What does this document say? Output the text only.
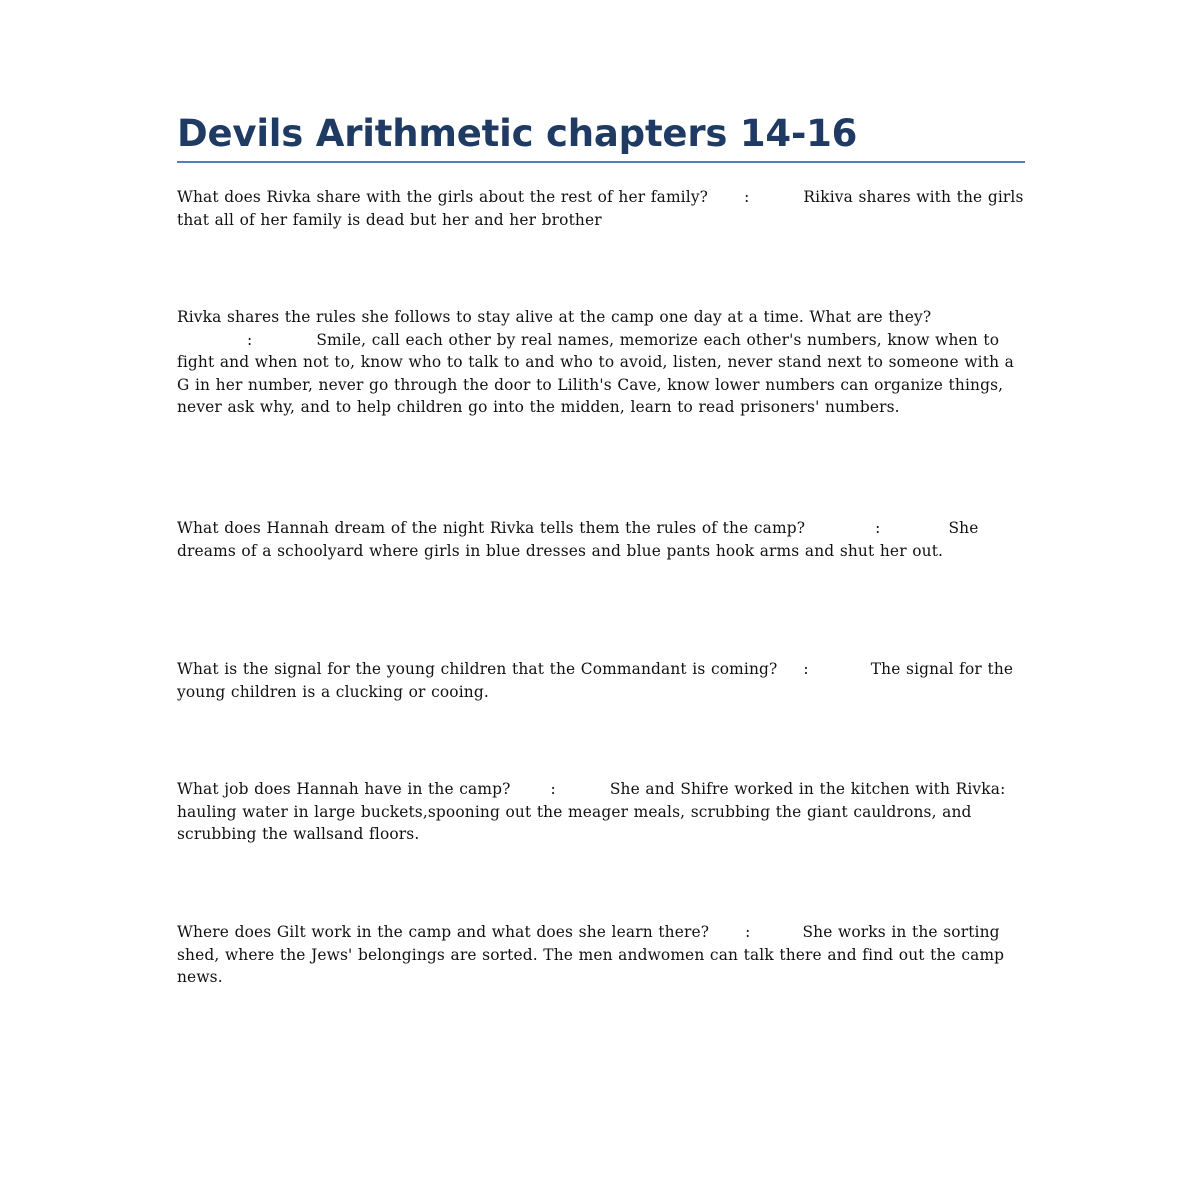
Devils Arithmetic chapters 14-16
What does Rivka share with the girls about the rest of her family? :	Rikiva shares with the girls that all of her family is dead but her and her brother
Rivka shares the rules she follows to stay alive at the camp one day at a time. What are they?:	Smile, call each other by real names, memorize each other's numbers, know when to fight and when not to, know who to talk to and who to avoid, listen, never stand next to someone with a G in her number, never go through the door to Lilith's Cave, know lower numbers can organize things, never ask why, and to help children go into the midden, learn to read prisoners' numbers.
What does Hannah dream of the night Rivka tells them the rules of the camp?	:	She dreams of a schoolyard where girls in blue dresses and blue pants hook arms and shut her out.
What is the signal for the young children that the Commandant is coming? :	The signal for the young children is a clucking or cooing.
What job does Hannah have in the camp?	:	She and Shifre worked in the kitchen with Rivka: hauling water in large buckets,spooning out the meager meals, scrubbing the giant cauldrons, and scrubbing the wallsand floors.
Where does Gilt work in the camp and what does she learn there? :	She works in the sorting shed, where the Jews' belongings are sorted. The men andwomen can talk there and find out the camp news.
